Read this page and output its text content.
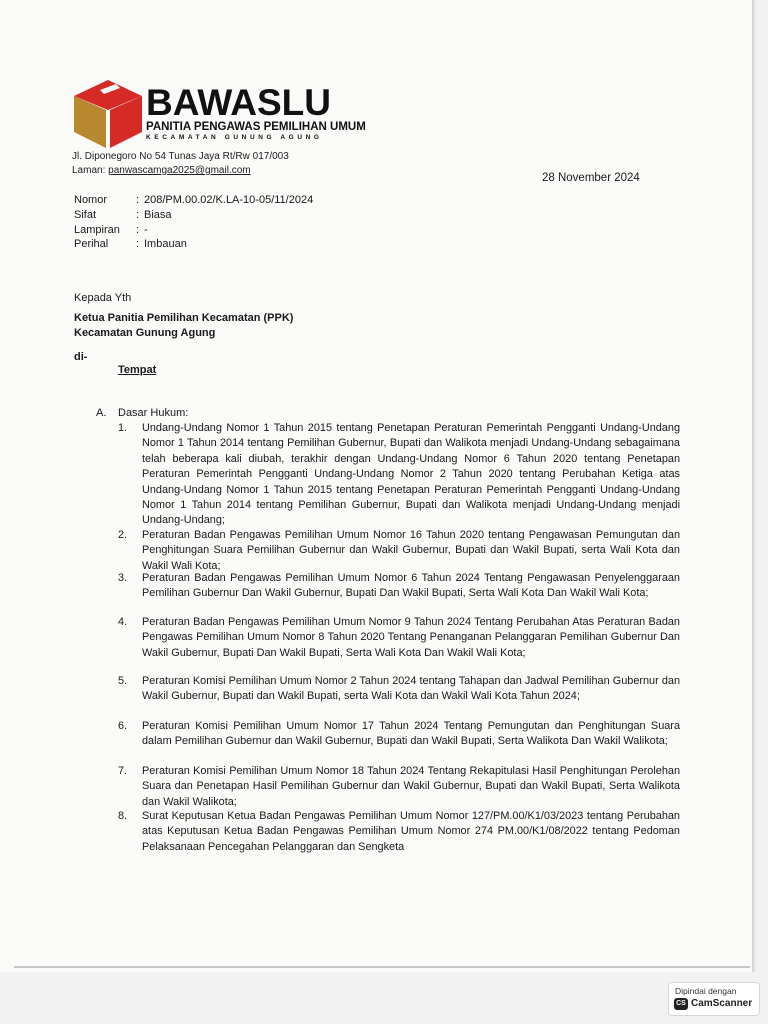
BAWASLU
PANITIA PENGAWAS PEMILIHAN UMUM
KECAMATAN GUNUNG AGUNG
Jl. Diponegoro No 54 Tunas Jaya Rt/Rw 017/003
Laman: panwascamga2025@gmail.com
28 November 2024
Nomor	: 208/PM.00.02/K.LA-10-05/11/2024
Sifat	: Biasa
Lampiran : -
Perihal	: Imbauan
Kepada Yth
Ketua Panitia Pemilihan Kecamatan (PPK)
Kecamatan Gunung Agung
di-
Tempat
A. Dasar Hukum:
1.	Undang-Undang Nomor 1 Tahun 2015 tentang Penetapan Peraturan Pemerintah Pengganti Undang-Undang Nomor 1 Tahun 2014 tentang Pemilihan Gubernur, Bupati dan Walikota menjadi Undang-Undang sebagaimana telah beberapa kali diubah, terakhir dengan Undang-Undang Nomor 6 Tahun 2020 tentang Penetapan Peraturan Pemerintah Pengganti Undang-Undang Nomor 2 Tahun 2020 tentang Perubahan Ketiga atas Undang-Undang Nomor 1 Tahun 2015 tentang Penetapan Peraturan Pemerintah Pengganti Undang-Undang Nomor 1 Tahun 2014 tentang Pemilihan Gubernur, Bupati dan Walikota menjadi Undang-Undang menjadi Undang-Undang;
2.	Peraturan Badan Pengawas Pemilihan Umum Nomor 16 Tahun 2020 tentang Pengawasan Pemungutan dan Penghitungan Suara Pemilihan Gubernur dan Wakil Gubernur, Bupati dan Wakil Bupati, serta Wali Kota dan Wakil Wali Kota;
3.	Peraturan Badan Pengawas Pemilihan Umum Nomor 6 Tahun 2024 Tentang Pengawasan Penyelenggaraan Pemilihan Gubernur Dan Wakil Gubernur, Bupati Dan Wakil Bupati, Serta Wali Kota Dan Wakil Wali Kota;
4.	Peraturan Badan Pengawas Pemilihan Umum Nomor 9 Tahun 2024 Tentang Perubahan Atas Peraturan Badan Pengawas Pemilihan Umum Nomor 8 Tahun 2020 Tentang Penanganan Pelanggaran Pemilihan Gubernur Dan Wakil Gubernur, Bupati Dan Wakil Bupati, Serta Wali Kota Dan Wakil Wali Kota;
5.	Peraturan Komisi Pemilihan Umum Nomor 2 Tahun 2024 tentang Tahapan dan Jadwal Pemilihan Gubernur dan Wakil Gubernur, Bupati dan Wakil Bupati, serta Wali Kota dan Wakil Wali Kota Tahun 2024;
6.	Peraturan Komisi Pemilihan Umum Nomor 17 Tahun 2024 Tentang Pemungutan dan Penghitungan Suara dalam Pemilihan Gubernur dan Wakil Gubernur, Bupati dan Wakil Bupati, Serta Walikota Dan Wakil Walikota;
7.	Peraturan Komisi Pemilihan Umum Nomor 18 Tahun 2024 Tentang Rekapitulasi Hasil Penghitungan Perolehan Suara dan Penetapan Hasil Pemilihan Gubernur dan Wakil Gubernur, Bupati dan Wakil Bupati, Serta Walikota dan Wakil Walikota;
8.	Surat Keputusan Ketua Badan Pengawas Pemilihan Umum Nomor 127/PM.00/K1/03/2023 tentang Perubahan atas Keputusan Ketua Badan Pengawas Pemilihan Umum Nomor 274 PM.00/K1/08/2022 tentang Pedoman Pelaksanaan Pencegahan Pelanggaran dan Sengketa
Dipindai dengan
CS CamScanner
